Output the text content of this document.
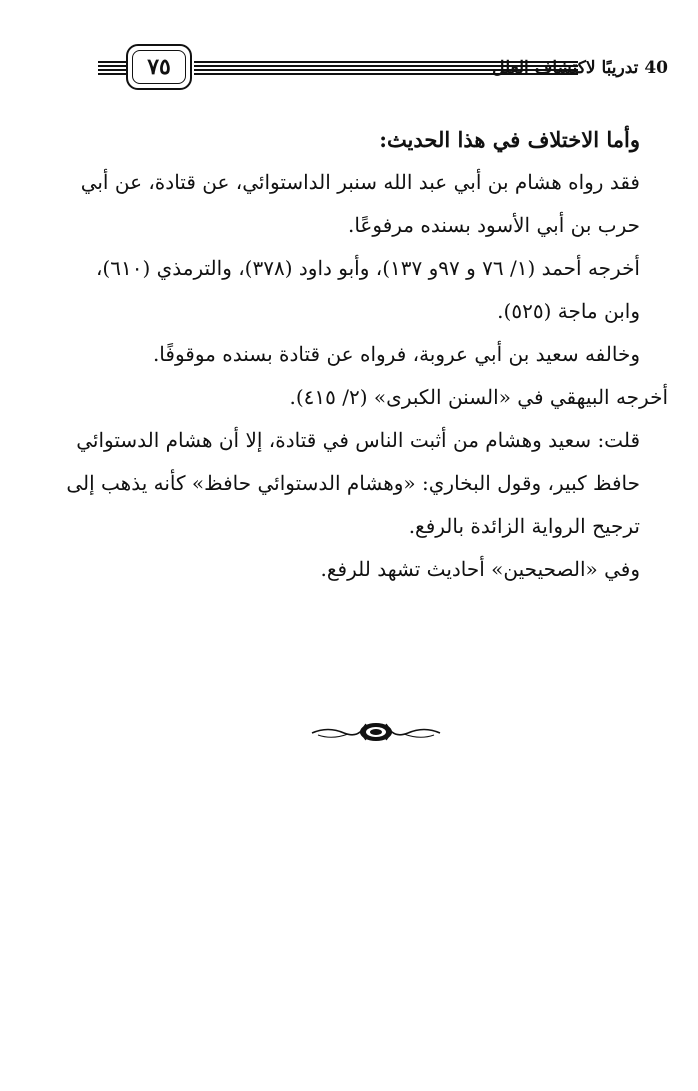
٧٥	40 تدريبًا لاكتشاف العلل

وأما الاختلاف في هذا الحديث:

فقد رواه هشام بن أبي عبد الله سنبر الداستوائي، عن قتادة، عن أبي حرب بن أبي الأسود بسنده مرفوعًا.

أخرجه أحمد (١/ ٧٦ و ٩٧و ١٣٧)، وأبو داود (٣٧٨)، والترمذي (٦١٠)، وابن ماجة (٥٢٥).

وخالفه سعيد بن أبي عروبة، فرواه عن قتادة بسنده موقوفًا.

أخرجه البيهقي في «السنن الكبرى» (٢/ ٤١٥).

قلت: سعيد وهشام من أثبت الناس في قتادة، إلا أن هشام الدستوائي حافظ كبير، وقول البخاري: «وهشام الدستوائي حافظ» كأنه يذهب إلى ترجيح الرواية الزائدة بالرفع.

وفي «الصحيحين» أحاديث تشهد للرفع.
